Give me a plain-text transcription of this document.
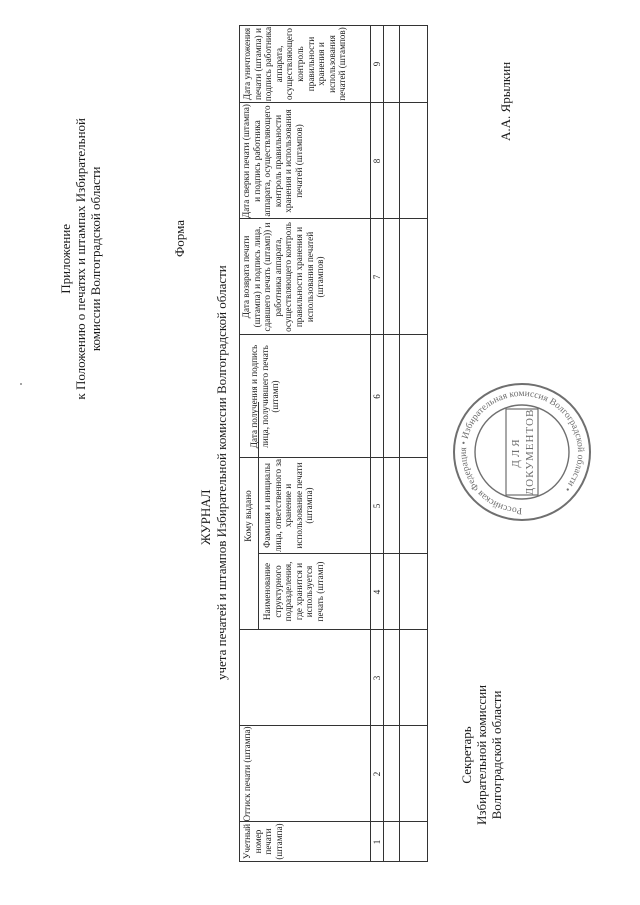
Приложение к Положению о печатях и штампах Избирательной комиссии Волгоградской области	Форма
ЖУРНАЛ учета печатей и штампов Избирательной комиссии Волгоградской области
Учетный номер печати (штампа)
Оттиск печати (штампа)
Кому выдано
Наименование структурного подразделения, где хранится и используется печать (штамп)
Фамилия и инициалы лица, ответственного за хранение и использование печати (штампа)
Дата получения и подпись лица, получившего печать (штамп)
Дата возврата печати (штампа) и подпись лица, сдавшего печать (штамп)) и работника аппарата, осуществляющего контроль правильности хранения и использования печатей (штампов)
Дата сверки печати (штампа) и подпись работника аппарата, осуществляющего контроль правильности хранения и использования печатей (штампов)
Дата уничтожения печати (штампа) и подпись работника аппарата, осуществляющего контроль правильности хранения и использования печатей (штампов)
1
2
3
4
5
6
7
8
9
Секретарь Избирательной комиссии Волгоградской области
А.А. Ярылкин
Российская Федерация • Избирательная комиссия Волгоградской области •
ДЛЯ ДОКУМЕНТОВ
